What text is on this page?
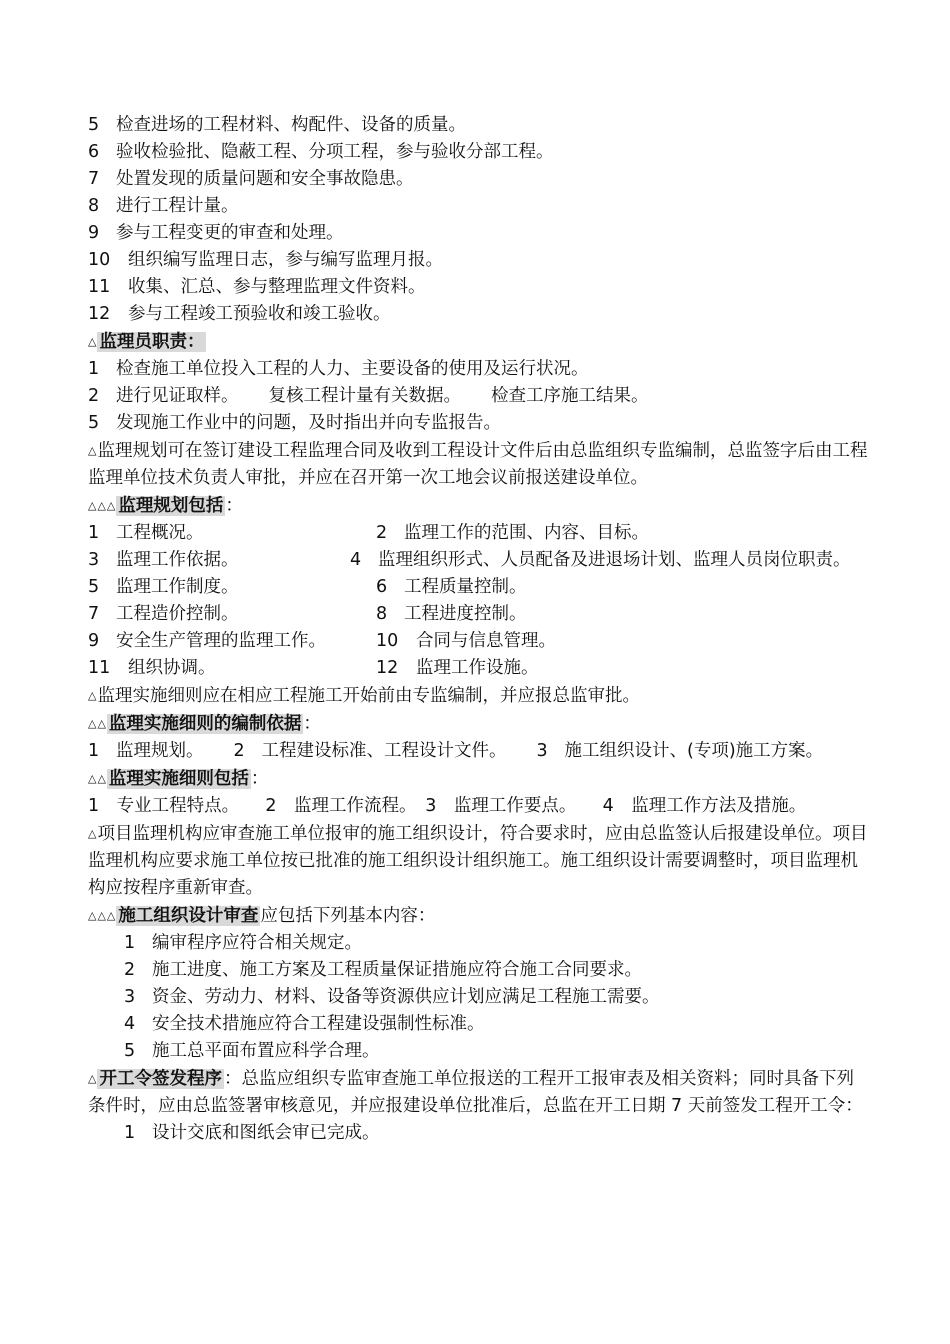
5 检查进场的工程材料、构配件、设备的质量。
6 验收检验批、隐蔽工程、分项工程，参与验收分部工程。
7 处置发现的质量问题和安全事故隐患。
8 进行工程计量。
9 参与工程变更的审查和处理。
10 组织编写监理日志，参与编写监理月报。
11 收集、汇总、参与整理监理文件资料。
12 参与工程竣工预验收和竣工验收。
△ 监理员职责：
1 检查施工单位投入工程的人力、主要设备的使用及运行状况。
2 进行见证取样。 复核工程计量有关数据。 检查工序施工结果。
5 发现施工作业中的问题，及时指出并向专监报告。
△监理规划可在签订建设工程监理合同及收到工程设计文件后由总监组织专监编制，总监签字后由工程监理单位技术负责人审批，并应在召开第一次工地会议前报送建设单位。
△△△ 监理规划包括 ：
1 工程概况。	2 监理工作的范围、内容、目标。
3 监理工作依据。	4 监理组织形式、人员配备及进退场计划、监理人员岗位职责。
5 监理工作制度。	6 工程质量控制。
7 工程造价控制。	8 工程进度控制。
9 安全生产管理的监理工作。	10 合同与信息管理。
11 组织协调。	12 监理工作设施。
△监理实施细则应在相应工程施工开始前由专监编制，并应报总监审批。
△△ 监理实施细则的编制依据 ：
1 监理规划。 2 工程建设标准、工程设计文件。 3 施工组织设计、(专项)施工方案。
△△ 监理实施细则包括 ：
1　专业工程特点。　　2　监理工作流程。　3　监理工作要点。　　4　监理工作方法及措施。
△项目监理机构应审查施工单位报审的施工组织设计，符合要求时，应由总监签认后报建设单位。项目监理机构应要求施工单位按已批准的施工组织设计组织施工。施工组织设计需要调整时，项目监理机构应按程序重新审查。
△△△ 施工组织设计审查 应包括下列基本内容：
1 编审程序应符合相关规定。
2 施工进度、施工方案及工程质量保证措施应符合施工合同要求。
3 资金、劳动力、材料、设备等资源供应计划应满足工程施工需要。
4 安全技术措施应符合工程建设强制性标准。
5 施工总平面布置应科学合理。
△ 开工令签发程序 ：总监应组织专监审查施工单位报送的工程开工报审表及相关资料；同时具备下列条件时，应由总监签署审核意见，并应报建设单位批准后，总监在开工日期 7 天前签发工程开工令：
1 设计交底和图纸会审已完成。
